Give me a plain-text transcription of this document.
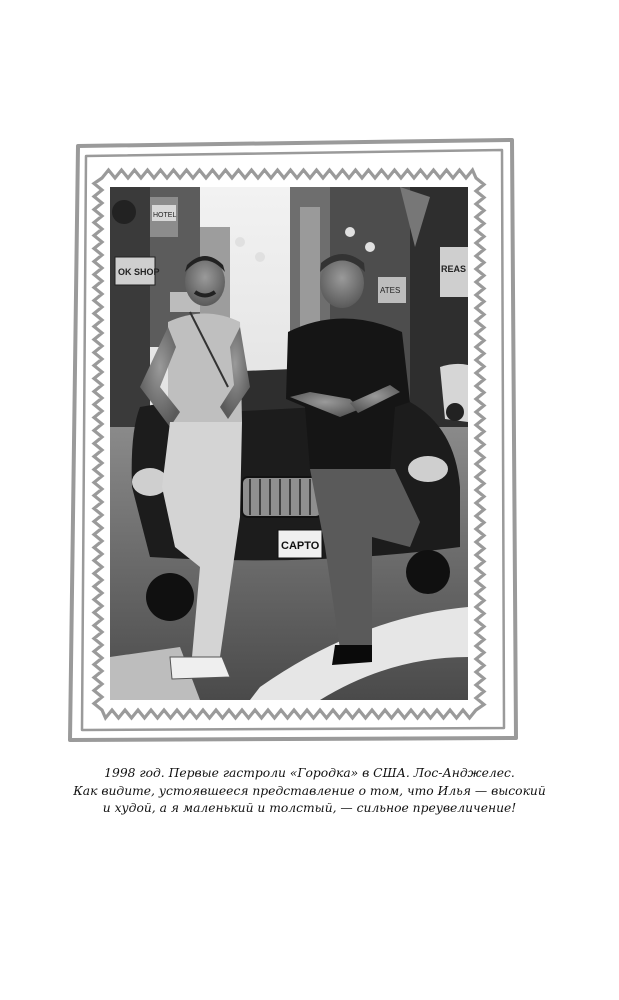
OK SHOP
HOTEL
REAS
ATES
CAPTO
1998 год. Первые гастроли «Городка» в США. Лос-Анджелес.
Как видите, устоявшееся представление о том, что Илья — высокий
и худой, а я маленький и толстый, — сильное преувеличение!
